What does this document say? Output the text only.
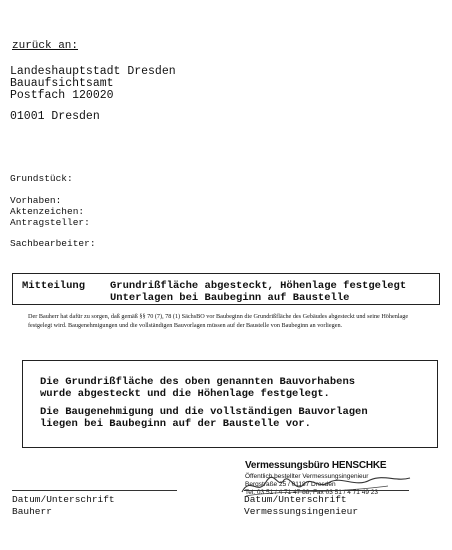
zurück an:
Landeshauptstadt Dresden
Bauaufsichtsamt
Postfach 120020
01001 Dresden
Grundstück:
Vorhaben:
Aktenzeichen:
Antragsteller:
Sachbearbeiter:
Mitteilung Grundrißfläche abgesteckt, Höhenlage festgelegt
Unterlagen bei Baubeginn auf Baustelle
Der Bauherr hat dafür zu sorgen, daß gemäß §§ 70 (7), 78 (1) SächsBO vor Baubeginn die Grundrißfläche des Gebäudes abgesteckt und seine Höhenlage festgelegt wird. Baugenehmigungen und die vollständigen Bauvorlagen müssen auf der Baustelle von Baubeginn an vorliegen.
Die Grundrißfläche des oben genannten Bauvorhabens
wurde abgesteckt und die Höhenlage festgelegt.
Die Baugenehmigung und die vollständigen Bauvorlagen
liegen bei Baubeginn auf der Baustelle vor.
Vermessungsbüro HENSCHKE
Öffentlich bestellter Vermessungsingenieur
Bergstraße 25 / 01187 Dresden
Tel. 03 51 / 4 71 47 88, Fax 03 51 / 4 71 49 23
Datum/Unterschrift
Bauherr
Datum/Unterschrift
Vermessungsingenieur
